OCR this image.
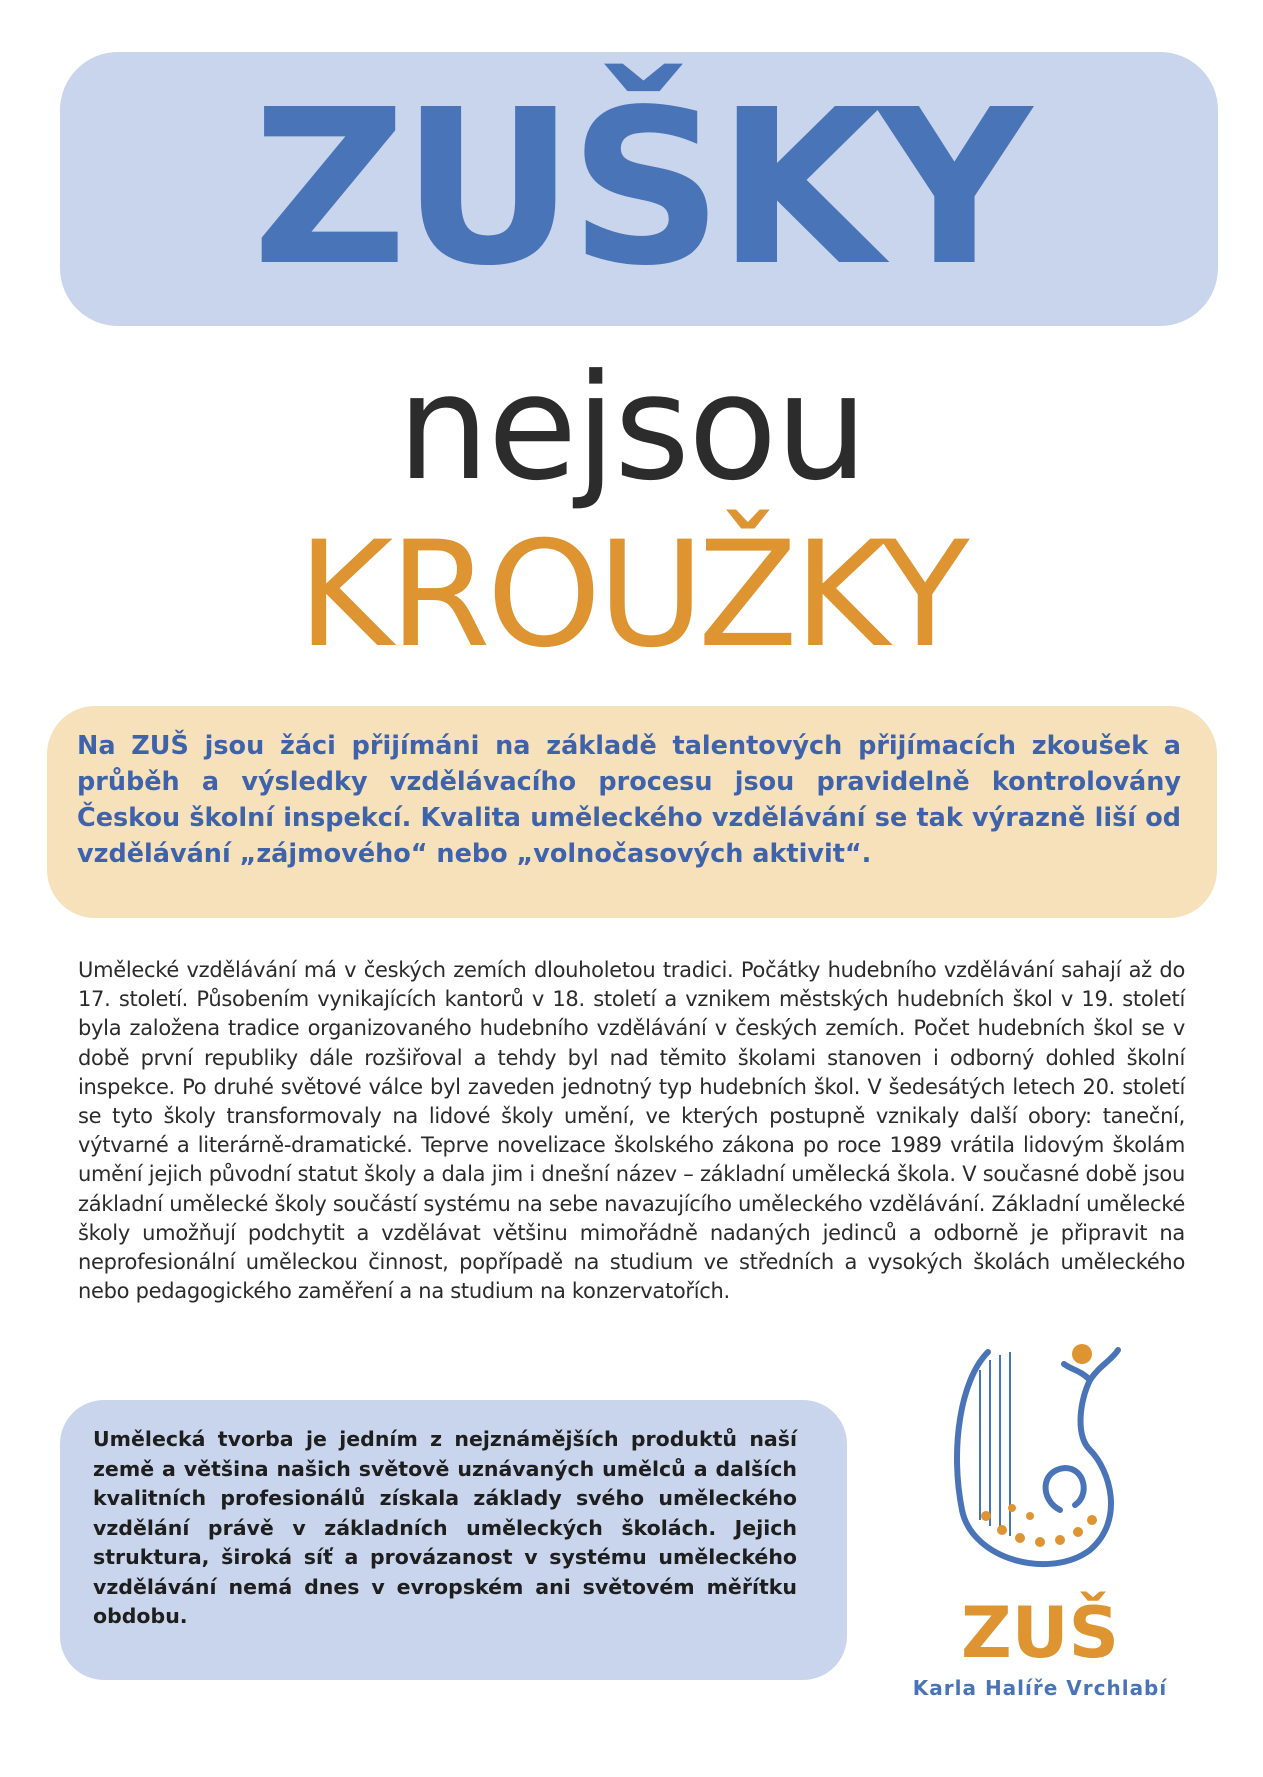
ZUŠKY
nejsou
KROUŽKY

Na ZUŠ jsou žáci přijímáni na základě talentových přijímacích zkoušek a průběh a výsledky vzdělávacího procesu jsou pravidelně kontrolovány Českou školní inspekcí. Kvalita uměleckého vzdělávání se tak výrazně liší od vzdělávání „zájmového“ nebo „volnočasových aktivit“.

Umělecké vzdělávání má v českých zemích dlouholetou tradici. Počátky hudebního vzdělávání sahají až do 17. století. Působením vynikajících kantorů v 18. století a vznikem městských hudebních škol v 19. století byla založena tradice organizovaného hudebního vzdělávání v českých zemích. Počet hudebních škol se v době první republiky dále rozšiřoval a tehdy byl nad těmito školami stanoven i odborný dohled školní inspekce. Po druhé světové válce byl zaveden jednotný typ hudebních škol. V šedesátých letech 20. století se tyto školy transformovaly na lidové školy umění, ve kterých postupně vznikaly další obory: taneční, výtvarné a literárně-dramatické. Teprve novelizace školského zákona po roce 1989 vrátila lidovým školám umění jejich původní statut školy a dala jim i dnešní název – základní umělecká škola. V současné době jsou základní umělecké školy součástí systému na sebe navazujícího uměleckého vzdělávání. Základní umělecké školy umožňují podchytit a vzdělávat většinu mimořádně nadaných jedinců a odborně je připravit na neprofesionální uměleckou činnost, popřípadě na studium ve středních a vysokých školách uměleckého nebo pedagogického zaměření a na studium na konzervatořích.

Umělecká tvorba je jedním z nejznámějších produktů naší země a většina našich světově uznávaných umělců a dalších kvalitních profesionálů získala základy svého uměleckého vzdělání právě v základních uměleckých školách. Jejich struktura, široká síť a provázanost v systému uměleckého vzdělávání nemá dnes v evropském ani světovém měřítku obdobu.	ZUŠ
Karla Halíře Vrchlabí
